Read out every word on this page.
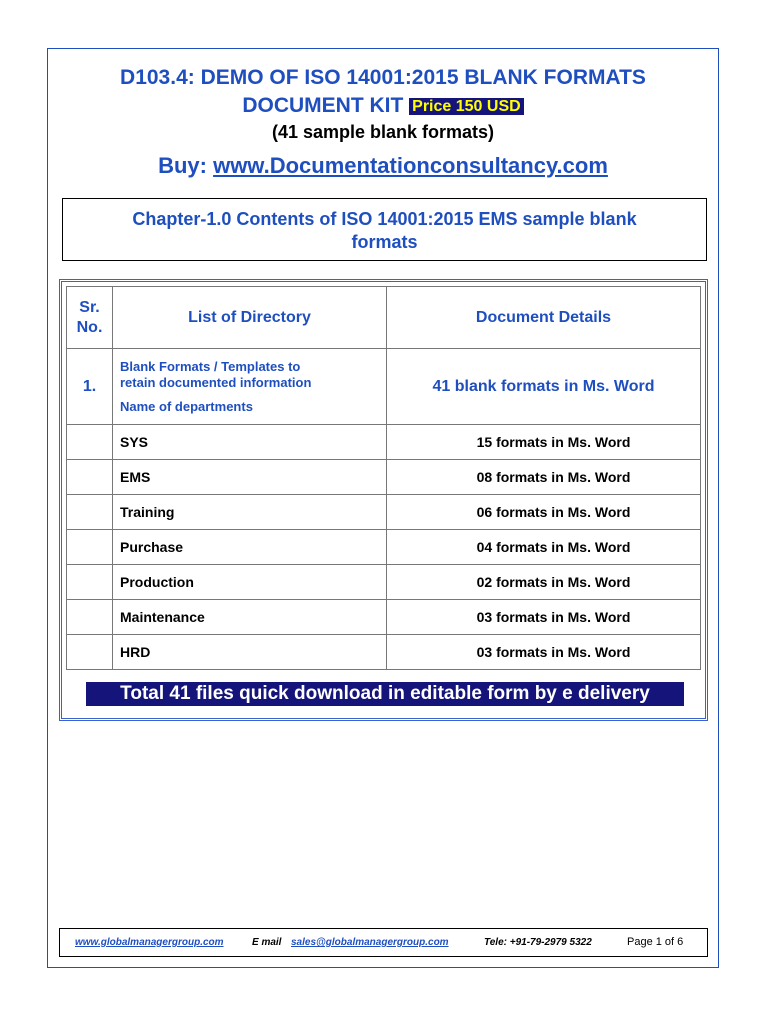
D103.4: DEMO OF ISO 14001:2015 BLANK FORMATS
DOCUMENT KIT Price 150 USD
(41 sample blank formats)
Buy: www.Documentationconsultancy.com
Chapter-1.0 Contents of ISO 14001:2015 EMS sample blank
formats
Sr.
No.	List of Directory	Document Details
1.	Blank Formats / Templates to
retain documented information
Name of departments	41 blank formats in Ms. Word
	SYS	15 formats in Ms. Word
	EMS	08 formats in Ms. Word
	Training	06 formats in Ms. Word
	Purchase	04 formats in Ms. Word
	Production	02 formats in Ms. Word
	Maintenance	03 formats in Ms. Word
	HRD	03 formats in Ms. Word
Total 41 files quick download in editable form by e delivery
www.globalmanagergroup.com	E mail sales@globalmanagergroup.com	Tele: +91-79-2979 5322	Page 1 of 6
